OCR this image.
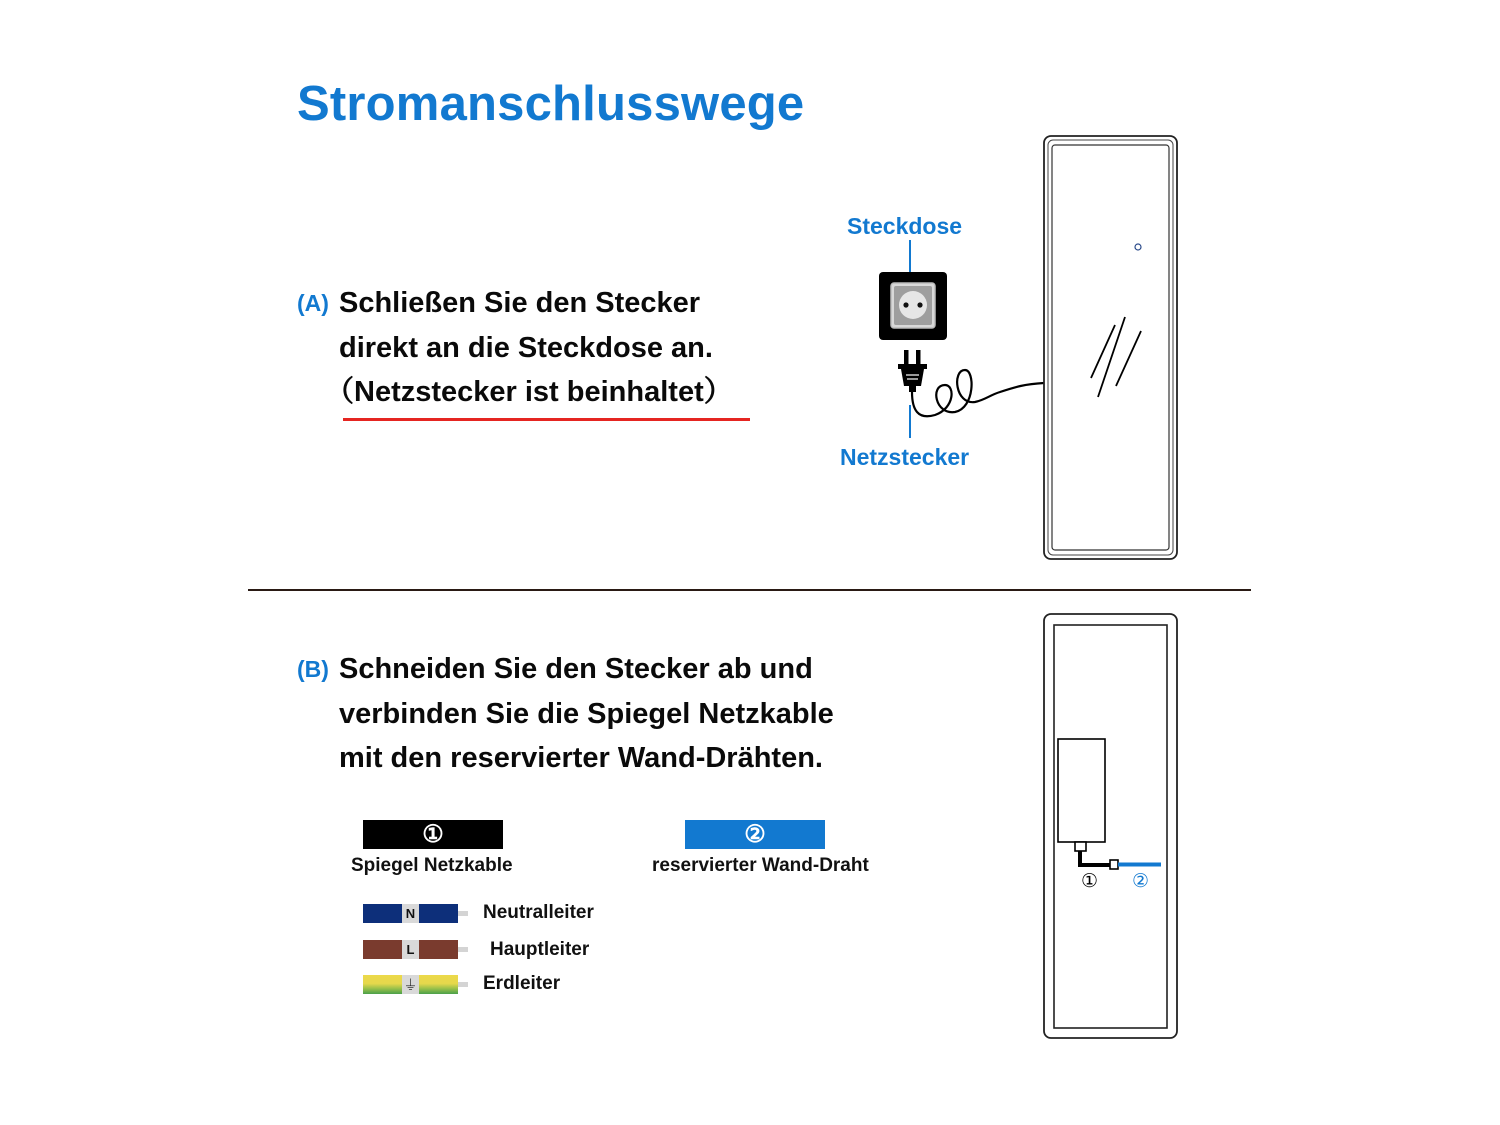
Stromanschlusswege
(A) Schließen Sie den Stecker
direkt an die Steckdose an.
（Netzstecker ist beinhaltet）
Steckdose
Netzstecker
(B) Schneiden Sie den Stecker ab und
verbinden Sie die Spiegel Netzkable
mit den reservierter Wand-Drähten.
①
Spiegel Netzkable
②
reservierter Wand-Draht
N	Neutralleiter
L	Hauptleiter
⏚	Erdleiter
① ②
